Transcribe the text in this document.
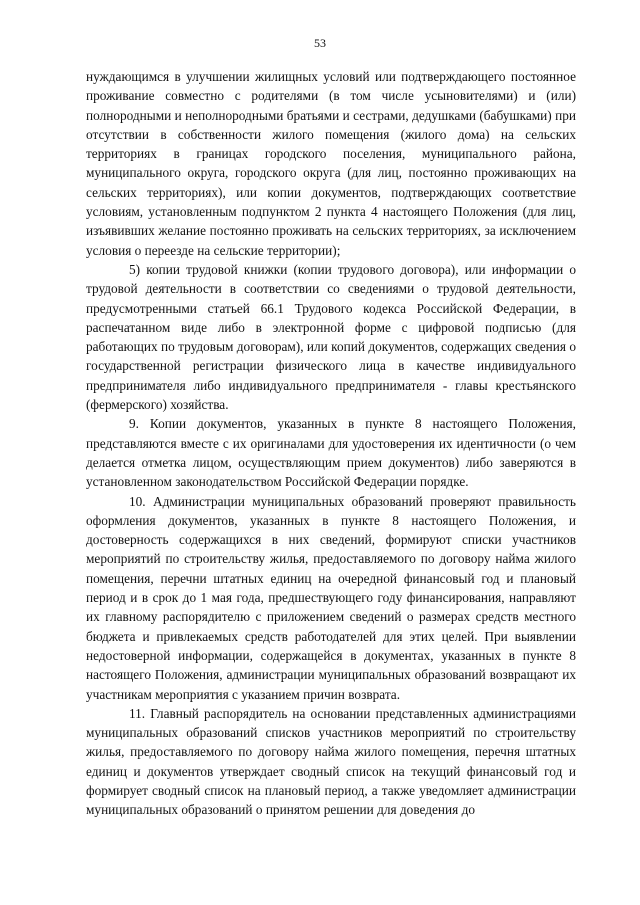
53

нуждающимся в улучшении жилищных условий или подтверждающего постоянное проживание совместно с родителями (в том числе усыновителями) и (или) полнородными и неполнородными братьями и сестрами, дедушками (бабушками) при отсутствии в собственности жилого помещения (жилого дома) на сельских территориях в границах городского поселения, муниципального района, муниципального округа, городского округа (для лиц, постоянно проживающих на сельских территориях), или копии документов, подтверждающих соответствие условиям, установленным подпунктом 2 пункта 4 настоящего Положения (для лиц, изъявивших желание постоянно проживать на сельских территориях, за исключением условия о переезде на сельские территории);

5) копии трудовой книжки (копии трудового договора), или информации о трудовой деятельности в соответствии со сведениями о трудовой деятельности, предусмотренными статьей 66.1 Трудового кодекса Российской Федерации, в распечатанном виде либо в электронной форме с цифровой подписью (для работающих по трудовым договорам), или копий документов, содержащих сведения о государственной регистрации физического лица в качестве индивидуального предпринимателя либо индивидуального предпринимателя - главы крестьянского (фермерского) хозяйства.

9. Копии документов, указанных в пункте 8 настоящего Положения, представляются вместе с их оригиналами для удостоверения их идентичности (о чем делается отметка лицом, осуществляющим прием документов) либо заверяются в установленном законодательством Российской Федерации порядке.

10. Администрации муниципальных образований проверяют правильность оформления документов, указанных в пункте 8 настоящего Положения, и достоверность содержащихся в них сведений, формируют списки участников мероприятий по строительству жилья, предоставляемого по договору найма жилого помещения, перечни штатных единиц на очередной финансовый год и плановый период и в срок до 1 мая года, предшествующего году финансирования, направляют их главному распорядителю с приложением сведений о размерах средств местного бюджета и привлекаемых средств работодателей для этих целей. При выявлении недостоверной информации, содержащейся в документах, указанных в пункте 8 настоящего Положения, администрации муниципальных образований возвращают их участникам мероприятия с указанием причин возврата.

11. Главный распорядитель на основании представленных администрациями муниципальных образований списков участников мероприятий по строительству жилья, предоставляемого по договору найма жилого помещения, перечня штатных единиц и документов утверждает сводный список на текущий финансовый год и формирует сводный список на плановый период, а также уведомляет администрации муниципальных образований о принятом решении для доведения до
